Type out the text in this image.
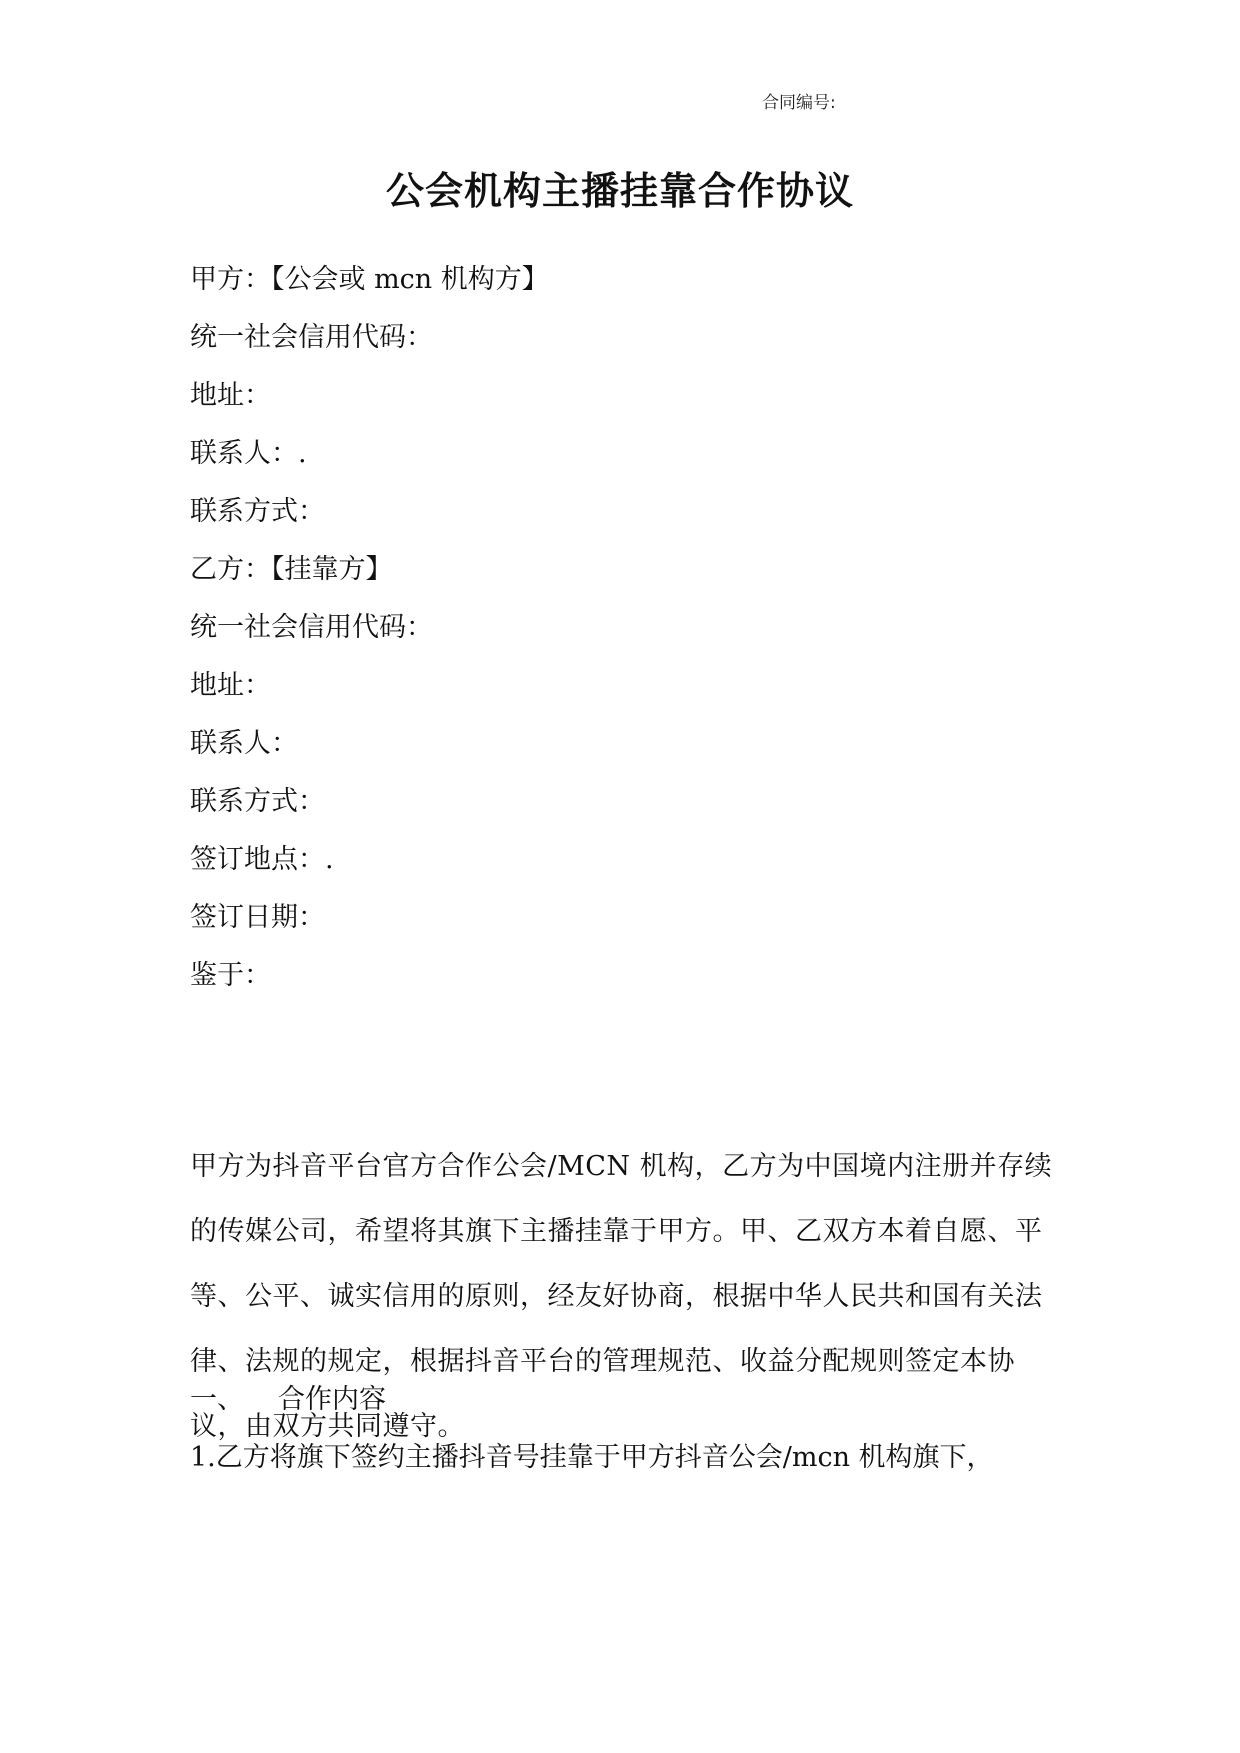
合同编号:
公会机构主播挂靠合作协议

甲方：【公会或 mcn 机构方】

统一社会信用代码：

地址：

联系人：.

联系方式：

乙方：【挂靠方】

统一社会信用代码：

地址：

联系人：

联系方式：

签订地点：.

签订日期：

鉴于：

甲方为抖音平台官方合作公会/MCN 机构，乙方为中国境内注册并存续的传媒公司，希望将其旗下主播挂靠于甲方。甲、乙双方本着自愿、平等、公平、诚实信用的原则，经友好协商，根据中华人民共和国有关法律、法规的规定，根据抖音平台的管理规范、收益分配规则签定本协议，由双方共同遵守。

一、 合作内容

1.乙方将旗下签约主播抖音号挂靠于甲方抖音公会/mcn 机构旗下，
